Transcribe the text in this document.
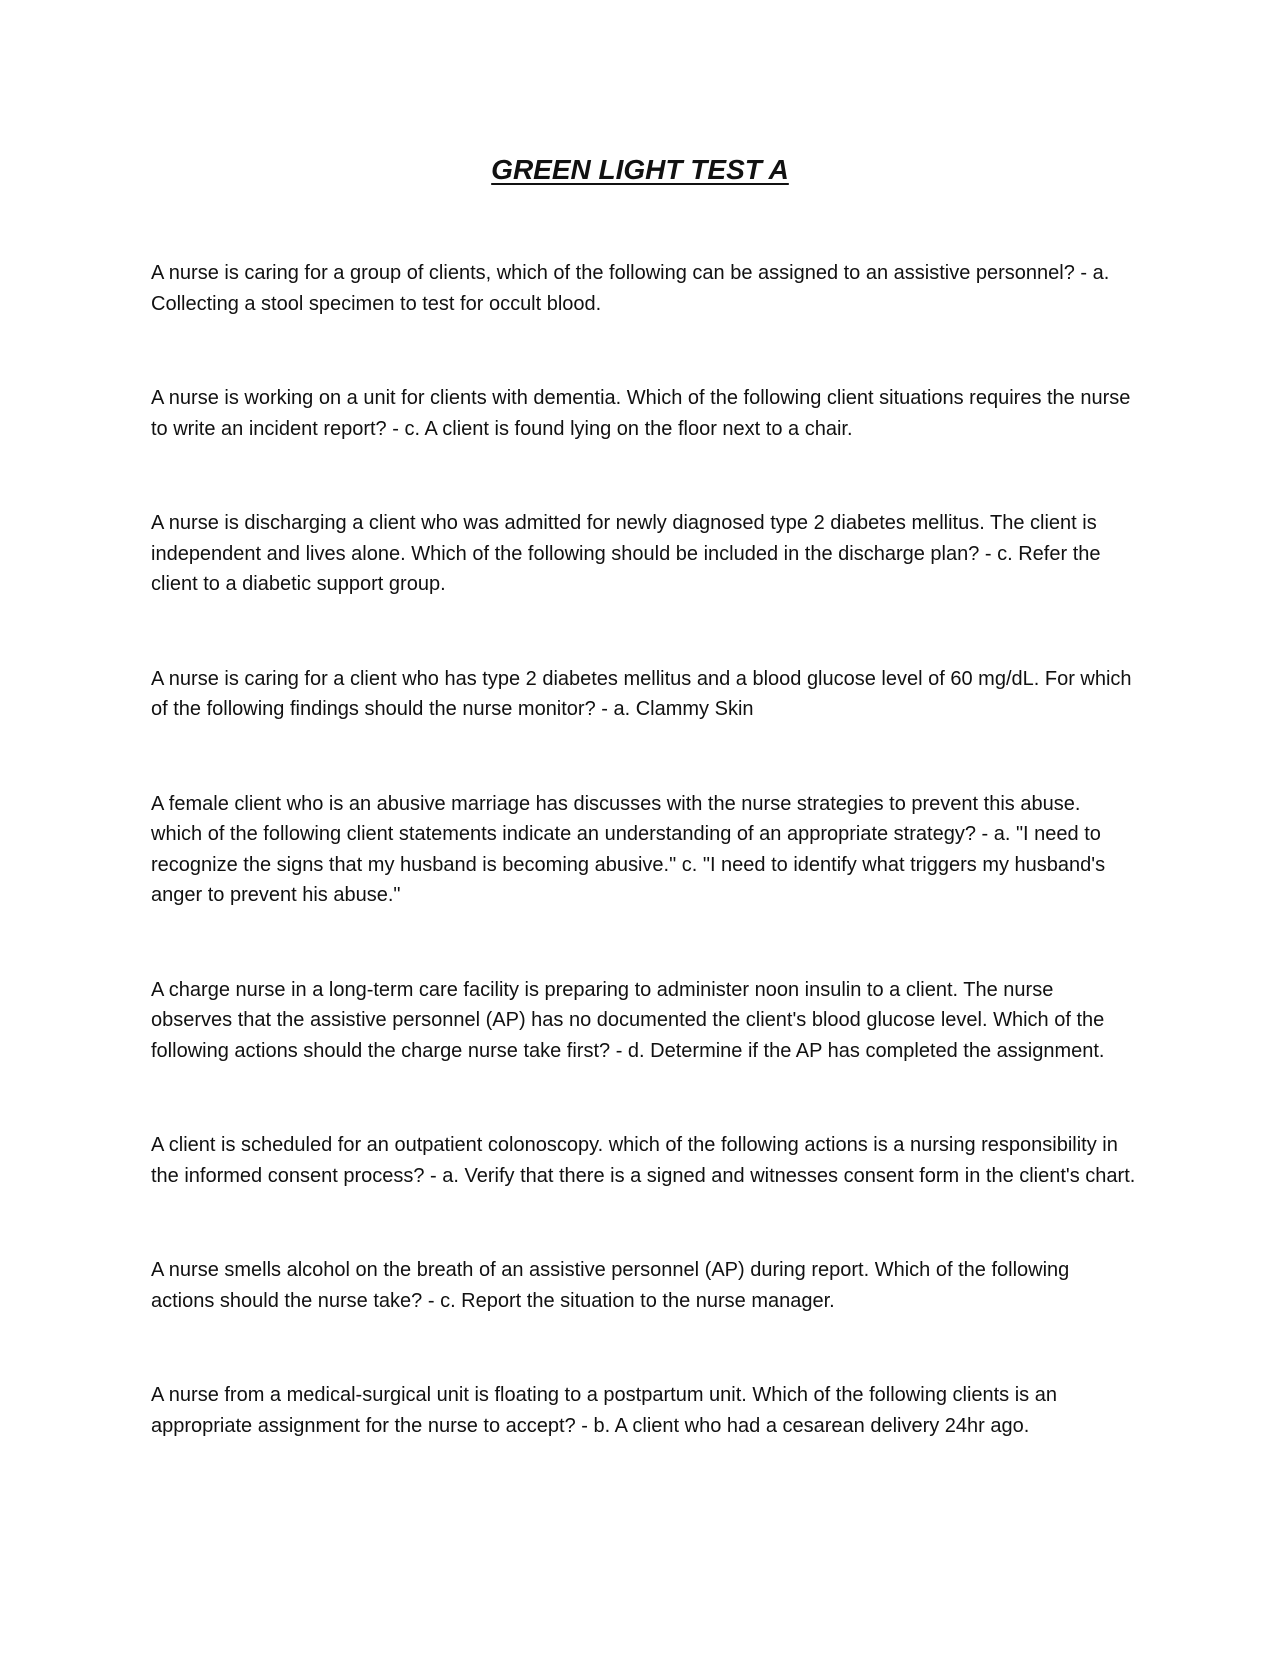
GREEN LIGHT TEST A
A nurse is caring for a group of clients, which of the following can be assigned to an assistive personnel? - a. Collecting a stool specimen to test for occult blood.
A nurse is working on a unit for clients with dementia. Which of the following client situations requires the nurse to write an incident report? - c. A client is found lying on the floor next to a chair.
A nurse is discharging a client who was admitted for newly diagnosed type 2 diabetes mellitus. The client is independent and lives alone. Which of the following should be included in the discharge plan? - c. Refer the client to a diabetic support group.
A nurse is caring for a client who has type 2 diabetes mellitus and a blood glucose level of 60 mg/dL. For which of the following findings should the nurse monitor? - a. Clammy Skin
A female client who is an abusive marriage has discusses with the nurse strategies to prevent this abuse. which of the following client statements indicate an understanding of an appropriate strategy? - a. "I need to recognize the signs that my husband is becoming abusive." c. "I need to identify what triggers my husband's anger to prevent his abuse."
A charge nurse in a long-term care facility is preparing to administer noon insulin to a client. The nurse observes that the assistive personnel (AP) has no documented the client's blood glucose level. Which of the following actions should the charge nurse take first? - d. Determine if the AP has completed the assignment.
A client is scheduled for an outpatient colonoscopy. which of the following actions is a nursing responsibility in the informed consent process? - a. Verify that there is a signed and witnesses consent form in the client's chart.
A nurse smells alcohol on the breath of an assistive personnel (AP) during report. Which of the following actions should the nurse take? - c. Report the situation to the nurse manager.
A nurse from a medical-surgical unit is floating to a postpartum unit. Which of the following clients is an appropriate assignment for the nurse to accept? - b. A client who had a cesarean delivery 24hr ago.
